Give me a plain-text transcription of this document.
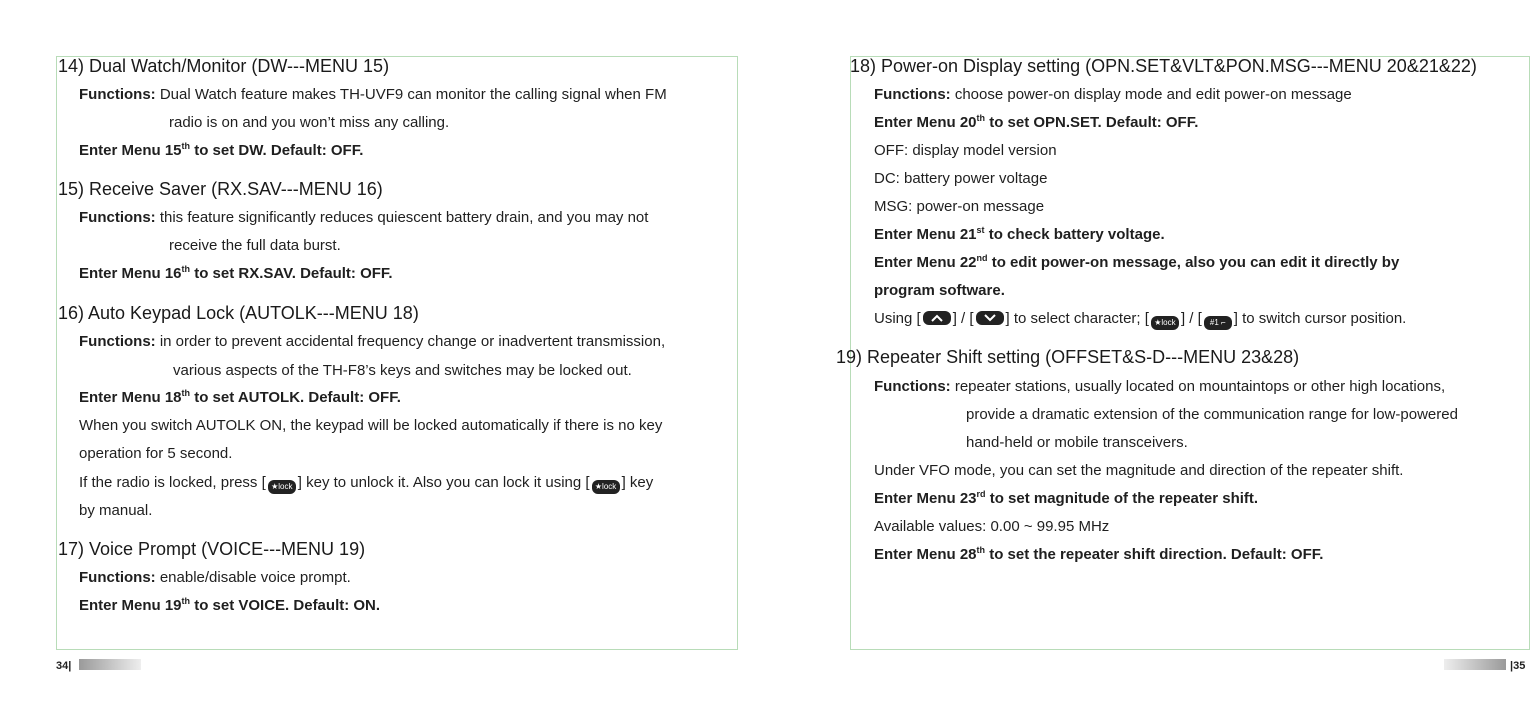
14) Dual Watch/Monitor (DW---MENU 15)
Functions: Dual Watch feature makes TH-UVF9 can monitor the calling signal when FM
radio is on and you won’t miss any calling.
Enter Menu 15th to set DW. Default: OFF.
15) Receive Saver (RX.SAV---MENU 16)
Functions: this feature significantly reduces quiescent battery drain, and you may not
receive the full data burst.
Enter Menu 16th to set RX.SAV. Default: OFF.
16) Auto Keypad Lock (AUTOLK---MENU 18)
Functions: in order to prevent accidental frequency change or inadvertent transmission,
various aspects of the TH-F8’s keys and switches may be locked out.
Enter Menu 18th to set AUTOLK. Default: OFF.
When you switch AUTOLK ON, the keypad will be locked automatically if there is no key
operation for 5 second.
If the radio is locked, press [ ★lock ] key to unlock it. Also you can lock it using [ ★lock ] key
by manual.
17) Voice Prompt (VOICE---MENU 19)
Functions: enable/disable voice prompt.
Enter Menu 19th to set VOICE. Default: ON.
34|
18) Power-on Display setting (OPN.SET&VLT&PON.MSG---MENU 20&21&22)
Functions: choose power-on display mode and edit power-on message
Enter Menu 20th to set OPN.SET. Default: OFF.
OFF: display model version
DC: battery power voltage
MSG: power-on message
Enter Menu 21st to check battery voltage.
Enter Menu 22nd to edit power-on message, also you can edit it directly by
program software.
Using [ ] / [ ] to select character; [ ★lock ] / [ #1 ⌐ ] to switch cursor position.
19) Repeater Shift setting (OFFSET&S-D---MENU 23&28)
Functions: repeater stations, usually located on mountaintops or other high locations,
provide a dramatic extension of the communication range for low-powered
hand-held or mobile transceivers.
Under VFO mode, you can set the magnitude and direction of the repeater shift.
Enter Menu 23rd to set magnitude of the repeater shift.
Available values: 0.00 ~ 99.95 MHz
Enter Menu 28th to set the repeater shift direction. Default: OFF.
|35
